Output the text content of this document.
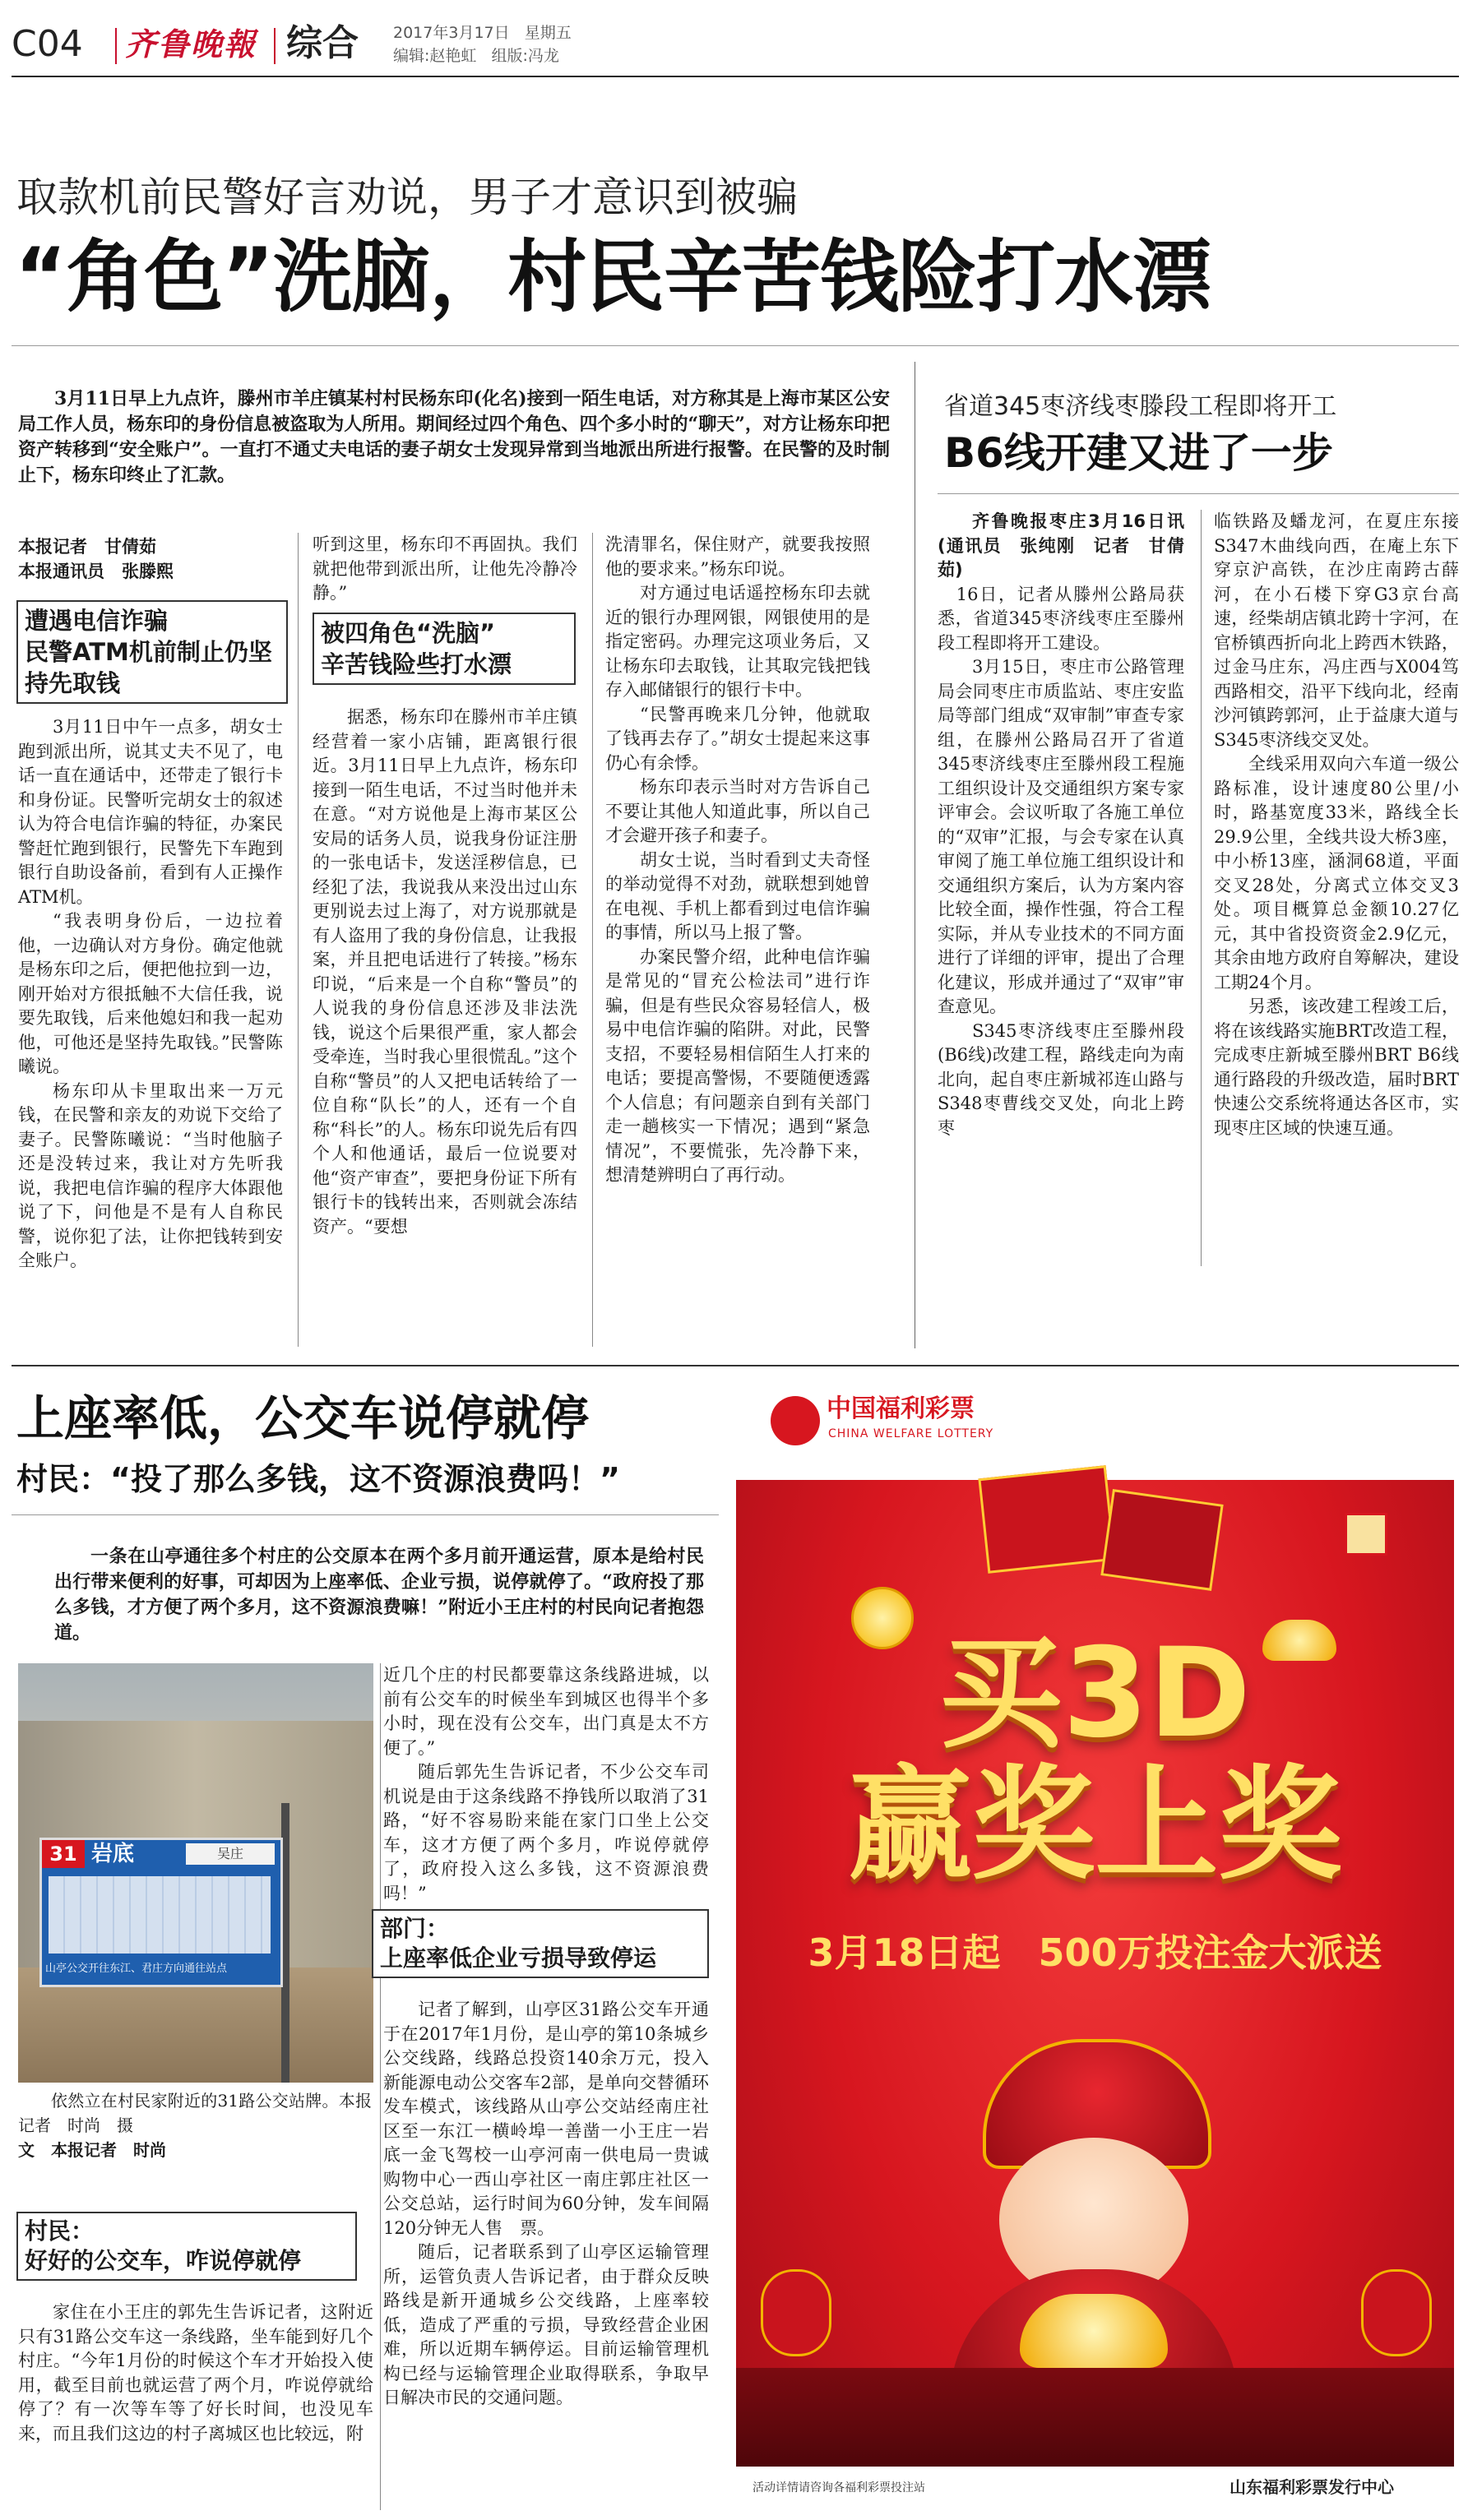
C04 齐鲁晚報 综合 2017年3月17日 星期五
编辑:赵艳虹 组版:冯龙
取款机前民警好言劝说，男子才意识到被骗
“角色”洗脑，村民辛苦钱险打水漂

3月11日早上九点许，滕州市羊庄镇某村村民杨东印(化名)接到一陌生电话，对方称其是上海市某区公安局工作人员，杨东印的身份信息被盗取为人所用。期间经过四个角色、四个多小时的“聊天”，对方让杨东印把资产转移到“安全账户”。一直打不通丈夫电话的妻子胡女士发现异常到当地派出所进行报警。在民警的及时制止下，杨东印终止了汇款。

本报记者　甘倩茹
本报通讯员　张滕熙
遭遇电信诈骗
民警ATM机前制止仍坚持先取钱

3月11日中午一点多，胡女士跑到派出所，说其丈夫不见了，电话一直在通话中，还带走了银行卡和身份证。民警听完胡女士的叙述认为符合电信诈骗的特征，办案民警赶忙跑到银行，民警先下车跑到银行自助设备前，看到有人正操作ATM机。

“我表明身份后，一边拉着他，一边确认对方身份。确定他就是杨东印之后，便把他拉到一边，刚开始对方很抵触不大信任我，说要先取钱，后来他媳妇和我一起劝他，可他还是坚持先取钱。”民警陈曦说。

杨东印从卡里取出来一万元钱，在民警和亲友的劝说下交给了妻子。民警陈曦说：“当时他脑子还是没转过来，我让对方先听我说，我把电信诈骗的程序大体跟他说了下，问他是不是有人自称民警，说你犯了法，让你把钱转到安全账户。

听到这里，杨东印不再固执。我们就把他带到派出所，让他先冷静冷静。”

被四角色“洗脑”
辛苦钱险些打水漂

据悉，杨东印在滕州市羊庄镇经营着一家小店铺，距离银行很近。3月11日早上九点许，杨东印接到一陌生电话，不过当时他并未在意。“对方说他是上海市某区公安局的话务人员，说我身份证注册的一张电话卡，发送淫秽信息，已经犯了法，我说我从来没出过山东更别说去过上海了，对方说那就是有人盗用了我的身份信息，让我报案，并且把电话进行了转接。”杨东印说，“后来是一个自称“警员”的人说我的身份信息还涉及非法洗钱，说这个后果很严重，家人都会受牵连，当时我心里很慌乱。”这个自称“警员”的人又把电话转给了一位自称“队长”的人，还有一个自称“科长”的人。杨东印说先后有四个人和他通话，最后一位说要对他“资产审查”，要把身份证下所有银行卡的钱转出来，否则就会冻结资产。“要想

洗清罪名，保住财产，就要我按照他的要求来。”杨东印说。

对方通过电话遥控杨东印去就近的银行办理网银，网银使用的是指定密码。办理完这项业务后，又让杨东印去取钱，让其取完钱把钱存入邮储银行的银行卡中。

“民警再晚来几分钟，他就取了钱再去存了。”胡女士提起来这事仍心有余悸。

杨东印表示当时对方告诉自己不要让其他人知道此事，所以自己才会避开孩子和妻子。

胡女士说，当时看到丈夫奇怪的举动觉得不对劲，就联想到她曾在电视、手机上都看到过电信诈骗的事情，所以马上报了警。

办案民警介绍，此种电信诈骗是常见的“冒充公检法司”进行诈骗，但是有些民众容易轻信人，极易中电信诈骗的陷阱。对此，民警支招，不要轻易相信陌生人打来的电话；要提高警惕，不要随便透露个人信息；有问题亲自到有关部门走一趟核实一下情况；遇到“紧急情况”，不要慌张，先冷静下来，想清楚辨明白了再行动。

省道345枣济线枣滕段工程即将开工
B6线开建又进了一步

齐鲁晚报枣庄3月16日讯(通讯员　张纯刚　记者　甘倩茹)

　16日，记者从滕州公路局获悉，省道345枣济线枣庄至滕州段工程即将开工建设。

3月15日，枣庄市公路管理局会同枣庄市质监站、枣庄安监局等部门组成“双审制”审查专家组，在滕州公路局召开了省道345枣济线枣庄至滕州段工程施工组织设计及交通组织方案专家评审会。会议听取了各施工单位的“双审”汇报，与会专家在认真审阅了施工单位施工组织设计和交通组织方案后，认为方案内容比较全面，操作性强，符合工程实际，并从专业技术的不同方面进行了详细的评审，提出了合理化建议，形成并通过了“双审”审查意见。

S345枣济线枣庄至滕州段(B6线)改建工程，路线走向为南北向，起自枣庄新城祁连山路与S348枣曹线交叉处，向北上跨枣

临铁路及蟠龙河，在夏庄东接S347木曲线向西，在庵上东下穿京沪高铁，在沙庄南跨古薛河，在小石楼下穿G3京台高速，经柴胡店镇北跨十字河，在官桥镇西折向北上跨西木铁路，过金马庄东，冯庄西与X004笃西路相交，沿平下线向北，经南沙河镇跨郭河，止于益康大道与S345枣济线交叉处。

全线采用双向六车道一级公路标准，设计速度80公里/小时，路基宽度33米，路线全长29.9公里，全线共设大桥3座，中小桥13座，涵洞68道，平面交叉28处，分离式立体交叉3处。项目概算总金额10.27亿元，其中省投资资金2.9亿元，其余由地方政府自筹解决，建设工期24个月。

另悉，该改建工程竣工后，将在该线路实施BRT改造工程，完成枣庄新城至滕州BRT B6线通行路段的升级改造，届时BRT快速公交系统将通达各区市，实现枣庄区域的快速互通。

上座率低，公交车说停就停
村民：“投了那么多钱，这不资源浪费吗！”

一条在山亭通往多个村庄的公交原本在两个多月前开通运营，原本是给村民出行带来便利的好事，可却因为上座率低、企业亏损，说停就停了。“政府投了那么多钱，才方便了两个多月，这不资源浪费嘛！”附近小王庄村的村民向记者抱怨道。

31 岩底	吴庄
山亭公交开往东江、君庄方向通往站点

依然立在村民家附近的31路公交站牌。本报记者　时尚　摄

文　本报记者　时尚

村民：
好好的公交车，咋说停就停

家住在小王庄的郭先生告诉记者，这附近只有31路公交车这一条线路，坐车能到好几个村庄。“今年1月份的时候这个车才开始投入使用，截至目前也就运营了两个月，咋说停就给停了？有一次等车等了好长时间，也没见车来，而且我们这边的村子离城区也比较远，附

近几个庄的村民都要靠这条线路进城，以前有公交车的时候坐车到城区也得半个多小时，现在没有公交车，出门真是太不方便了。”

随后郭先生告诉记者，不少公交车司机说是由于这条线路不挣钱所以取消了31路，“好不容易盼来能在家门口坐上公交车，这才方便了两个多月，咋说停就停了，政府投入这么多钱，这不资源浪费吗！”

部门：
上座率低企业亏损导致停运

记者了解到，山亭区31路公交车开通于在2017年1月份，是山亭的第10条城乡公交线路，线路总投资140余万元，投入新能源电动公交客车2部，是单向交替循环发车模式，该线路从山亭公交站经南庄社区至一东江一横岭埠一善凿一小王庄一岩底一金飞驾校一山亭河南一供电局一贵诚购物中心一西山亭社区一南庄郭庄社区一公交总站，运行时间为60分钟，发车间隔120分钟无人售　票。

随后，记者联系到了山亭区运输管理所，运管负责人告诉记者，由于群众反映路线是新开通城乡公交线路，上座率较低，造成了严重的亏损，导致经营企业困难，所以近期车辆停运。目前运输管理机构已经与运输管理企业取得联系，争取早日解决市民的交通问题。

中国福利彩票
CHINA WELFARE LOTTERY
买3D
赢奖上奖
3月18日起　500万投注金大派送
活动详情请咨询各福利彩票投注站	山东福利彩票发行中心
